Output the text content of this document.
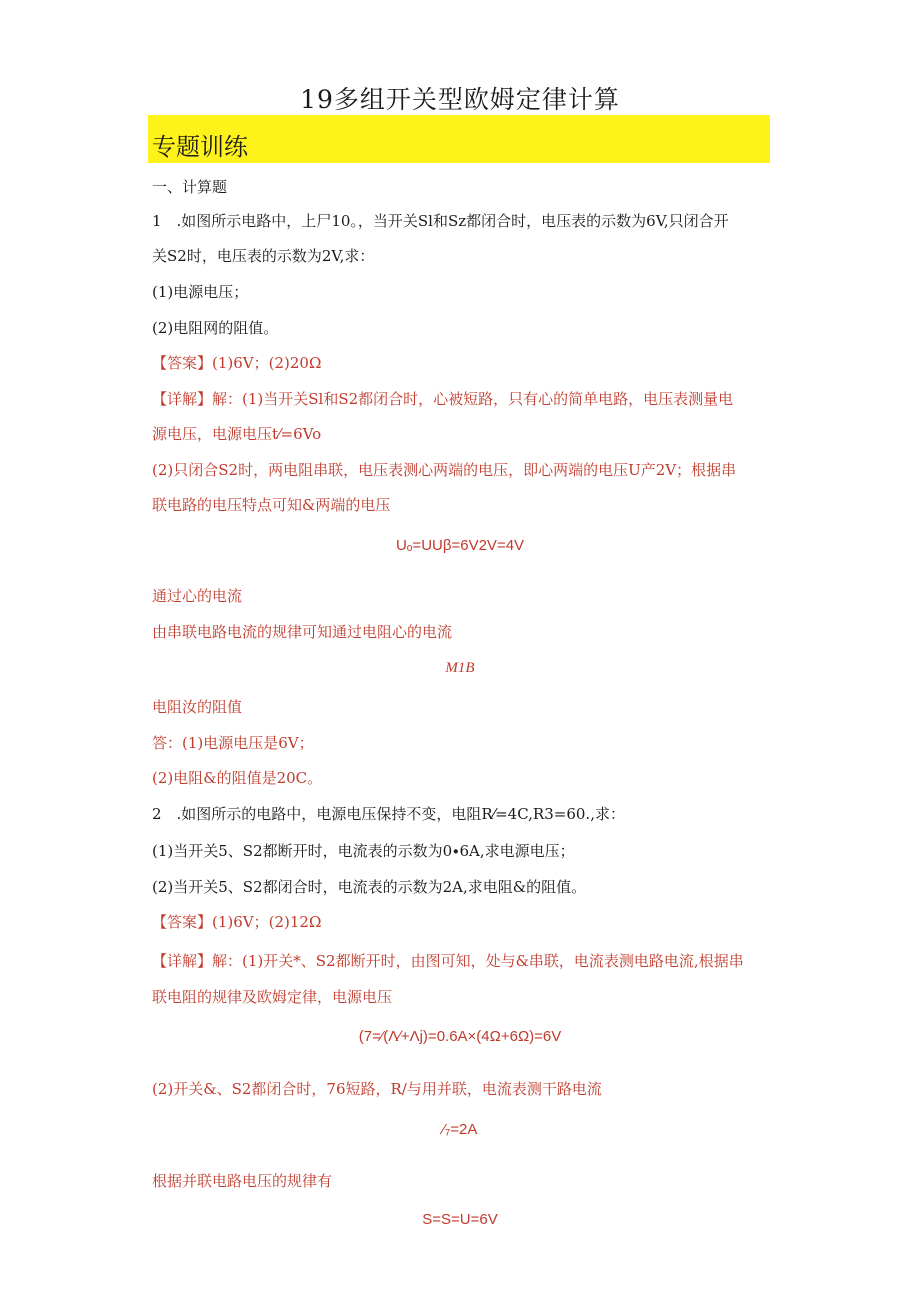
19多组开关型欧姆定律计算
专题训练
一、计算题
1　.如图所示电路中，上尸10。，当开关Sl和Sz都闭合时，电压表的示数为6V,只闭合开
关S2时，电压表的示数为2V,求：
(1)电源电压；
(2)电阻网的阻值。
【答案】(1)6V；(2)20Ω
【详解】解：(1)当开关Sl和S2都闭合时，心被短路，只有心的简单电路，电压表测量电
源电压，电源电压t⁄=6Vo
(2)只闭合S2时，两电阻串联，电压表测心两端的电压，即心两端的电压U产2V；根据串
联电路的电压特点可知&两端的电压
Uₒ=UUβ=6V2V=4V
通过心的电流
由串联电路电流的规律可知通过电阻心的电流
M1B
电阻汝的阻值
答：(1)电源电压是6V；
(2)电阻&的阻值是20C。
2　.如图所示的电路中，电源电压保持不变，电阻R⁄=4C,R3=60.,求：
(1)当开关5、S2都断开时，电流表的示数为0∙6A,求电源电压；
(2)当开关5、S2都闭合时，电流表的示数为2A,求电阻&的阻值。
【答案】(1)6V；(2)12Ω
【详解】解：(1)开关*、S2都断开时，由图可知，处与&串联，电流表测电路电流,根据串
联电阻的规律及欧姆定律，电源电压
(7=⁄(Λ∕+Λj)=0.6A×(4Ω+6Ω)=6V
(2)开关&、S2都闭合时，76短路，R/与用并联，电流表测干路电流
⁄₇=2A
根据并联电路电压的规律有
S=S=U=6V
